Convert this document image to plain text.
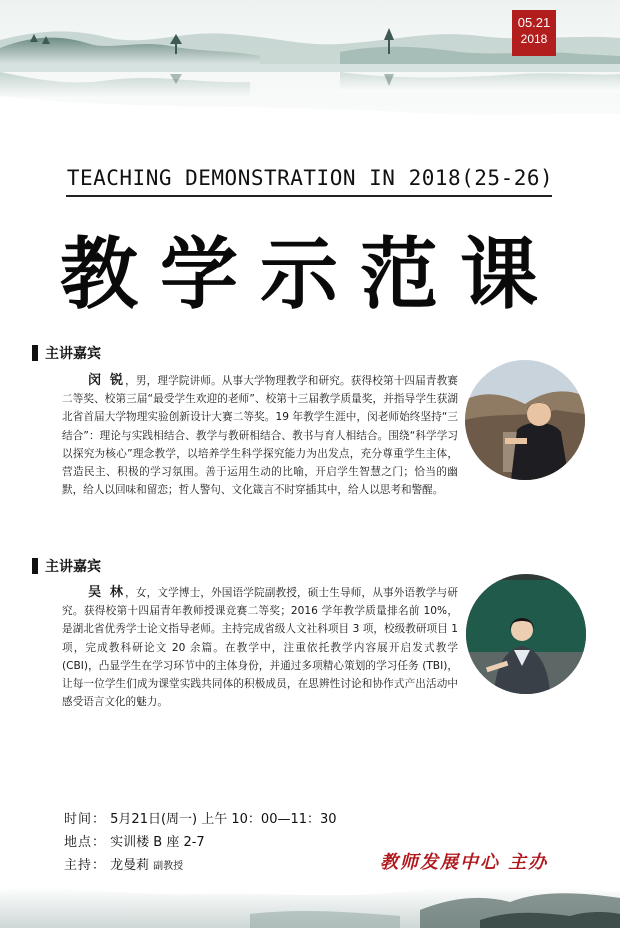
05.21
2018
TEACHING DEMONSTRATION IN 2018(25-26)
教学示范课
主讲嘉宾
闵 锐，男，理学院讲师。从事大学物理教学和研究。获得校第十四届青教赛二等奖、校第三届“最受学生欢迎的老师”、校第十三届教学质量奖，并指导学生获湖北省首届大学物理实验创新设计大赛二等奖。19 年教学生涯中，闵老师始终坚持“三结合”：理论与实践相结合、教学与教研相结合、教书与育人相结合。围绕“科学学习以探究为核心”理念教学，以培养学生科学探究能力为出发点，充分尊重学生主体，营造民主、积极的学习氛围。善于运用生动的比喻，开启学生智慧之门；恰当的幽默，给人以回味和留恋；哲人警句、文化箴言不时穿插其中，给人以思考和警醒。
主讲嘉宾
吴 林，女，文学博士，外国语学院副教授，硕士生导师，从事外语教学与研究。获得校第十四届青年教师授课竞赛二等奖；2016 学年教学质量排名前 10%，是湖北省优秀学士论文指导老师。主持完成省级人文社科项目 3 项，校级教研项目 1 项，完成教科研论文 20 余篇。在教学中，注重依托教学内容展开启发式教学 (CBI)，凸显学生在学习环节中的主体身份，并通过多项精心策划的学习任务 (TBI)，让每一位学生们成为课堂实践共同体的积极成员，在思辨性讨论和协作式产出活动中感受语言文化的魅力。
时间： 5月21日(周一) 上午 10：00—11：30
地点： 实训楼 B 座 2-7
主持： 龙曼莉 副教授	教师发展中心 主办
